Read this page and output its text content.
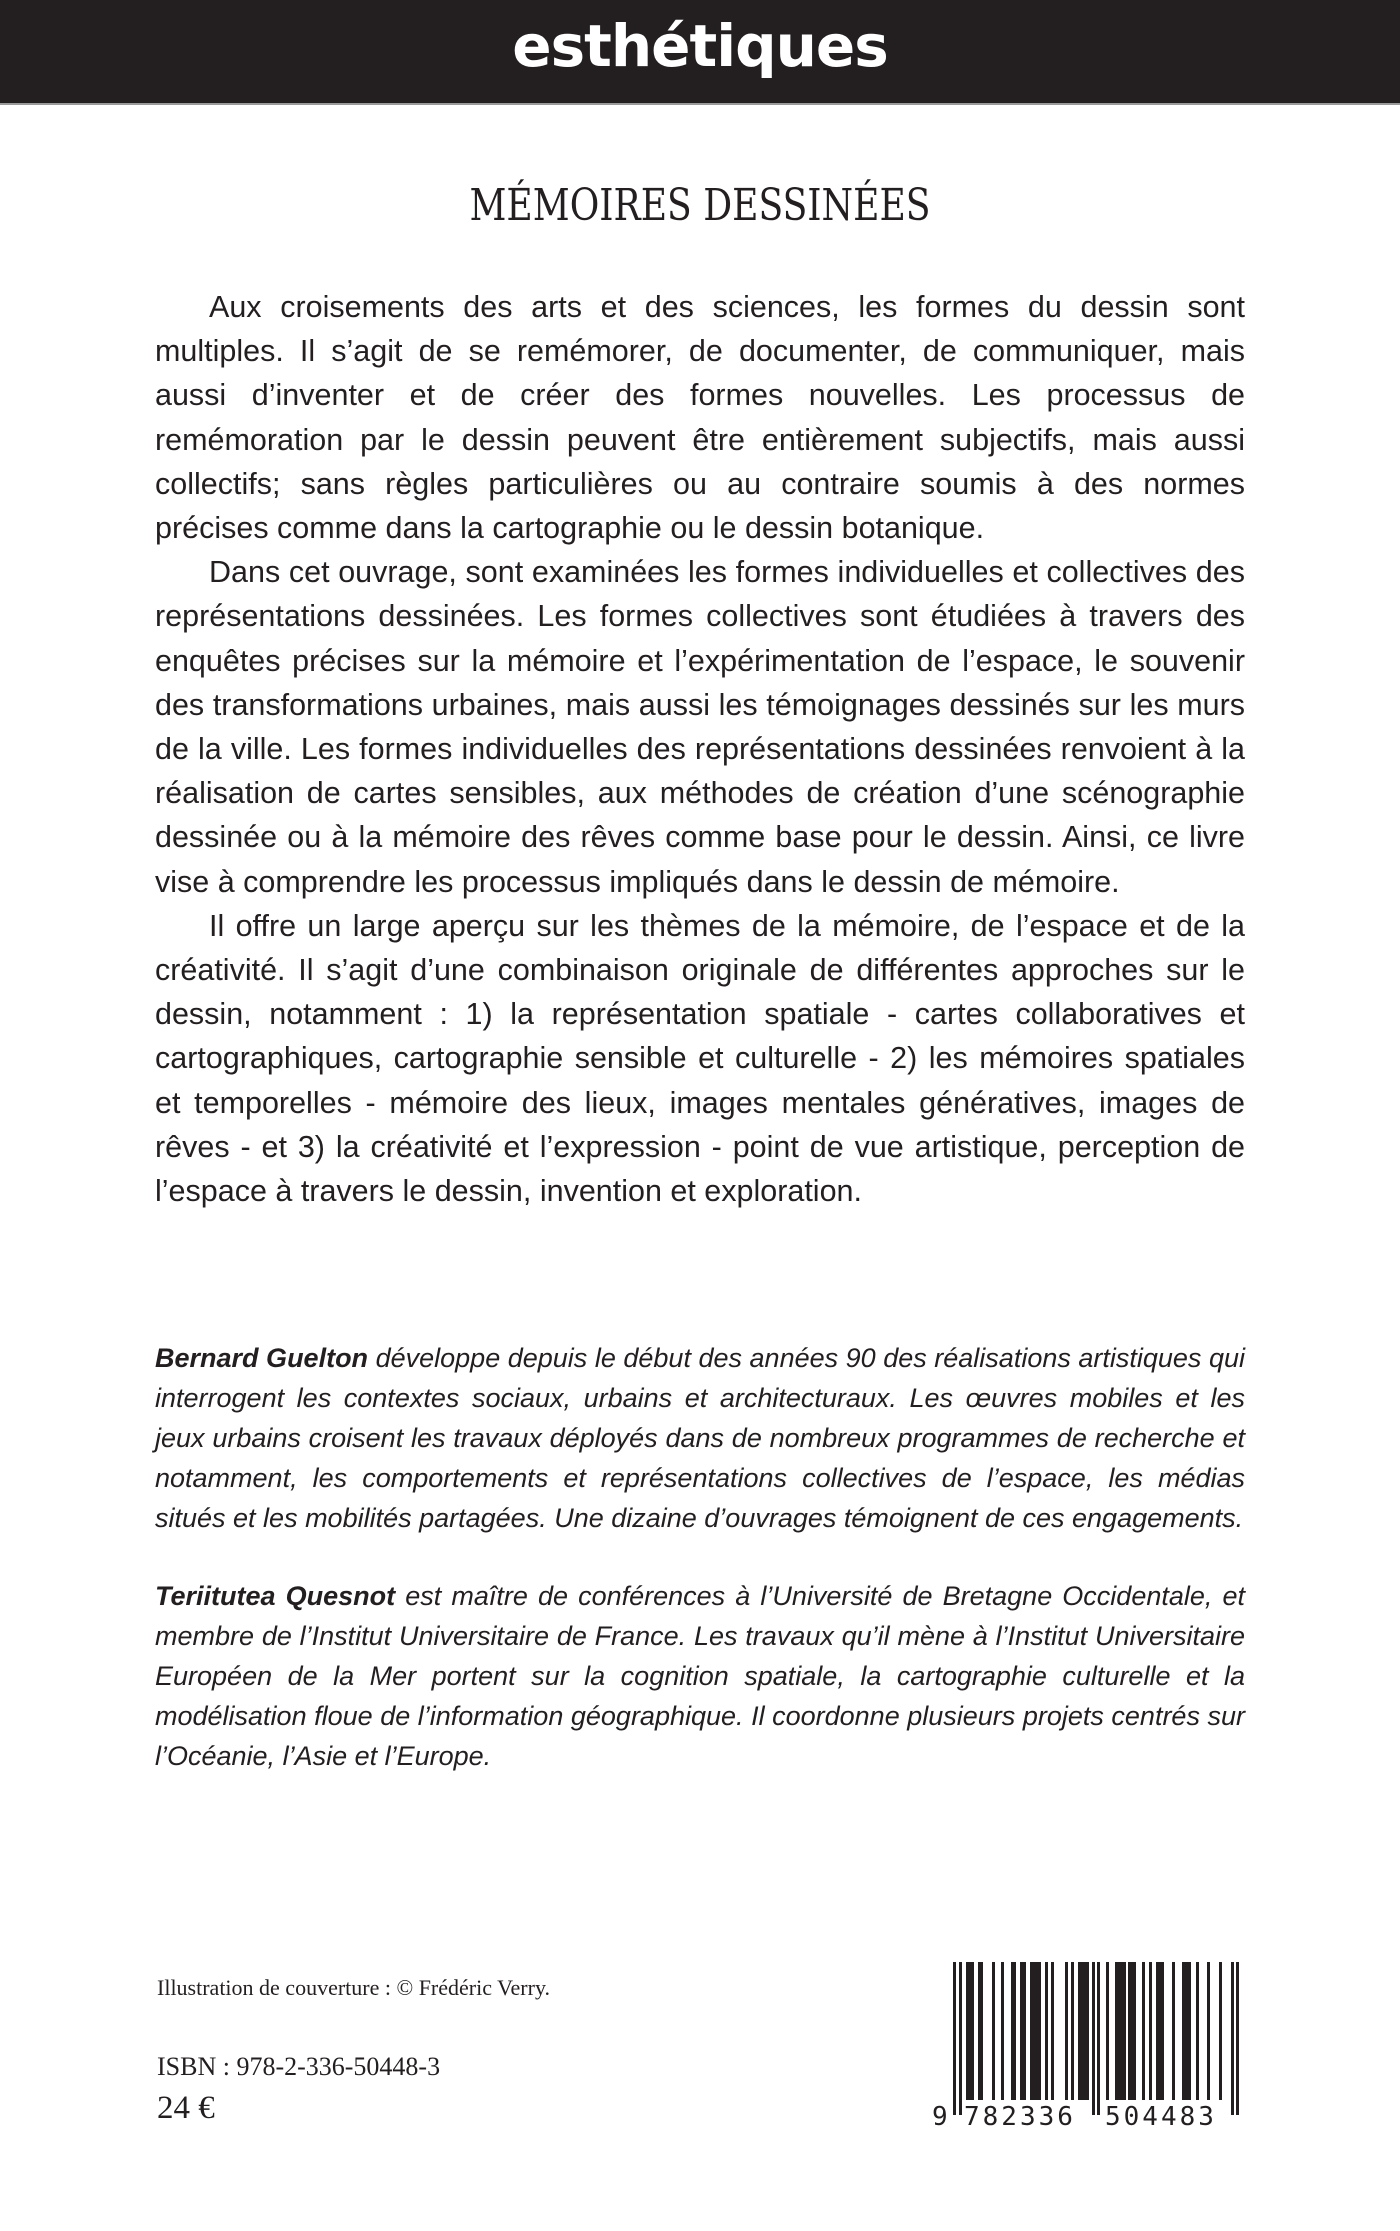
esthétiques
MÉMOIRES DESSINÉES

Aux croisements des arts et des sciences, les formes du dessin sont multiples. Il s’agit de se remémorer, de documenter, de communiquer, mais aussi d’inventer et de créer des formes nouvelles. Les processus de remémoration par le dessin peuvent être entièrement subjectifs, mais aussi collectifs; sans règles particulières ou au contraire soumis à des normes précises comme dans la cartographie ou le dessin botanique.

Dans cet ouvrage, sont examinées les formes individuelles et collectives des représentations dessinées. Les formes collectives sont étudiées à travers des enquêtes précises sur la mémoire et l’expérimentation de l’espace, le souvenir des transformations urbaines, mais aussi les témoignages dessinés sur les murs de la ville. Les formes individuelles des représentations dessinées renvoient à la réalisation de cartes sensibles, aux méthodes de création d’une scénographie dessinée ou à la mémoire des rêves comme base pour le dessin. Ainsi, ce livre vise à comprendre les processus impliqués dans le dessin de mémoire.

Il offre un large aperçu sur les thèmes de la mémoire, de l’espace et de la créativité. Il s’agit d’une combinaison originale de différentes approches sur le dessin, notamment : 1) la représentation spatiale - cartes collaboratives et cartographiques, cartographie sensible et culturelle - 2) les mémoires spatiales et temporelles - mémoire des lieux, images mentales génératives, images de rêves - et 3) la créativité et l’expression - point de vue artistique, perception de l’espace à travers le dessin, invention et exploration.

Bernard Guelton développe depuis le début des années 90 des réalisations artistiques qui interrogent les contextes sociaux, urbains et architecturaux. Les œuvres mobiles et les jeux urbains croisent les travaux déployés dans de nombreux programmes de recherche et notamment, les comportements et représentations collectives de l’espace, les médias situés et les mobilités partagées. Une dizaine d’ouvrages témoignent de ces engagements.

Teriitutea Quesnot est maître de conférences à l’Université de Bretagne Occidentale, et membre de l’Institut Universitaire de France. Les travaux qu’il mène à l’Institut Universitaire Européen de la Mer portent sur la cognition spatiale, la cartographie culturelle et la modélisation floue de l’information géographique. Il coordonne plusieurs projets centrés sur l’Océanie, l’Asie et l’Europe.

Illustration de couverture : © Frédéric Verry.
ISBN : 978-2-336-50448-3
24 €	9 782336 504483
